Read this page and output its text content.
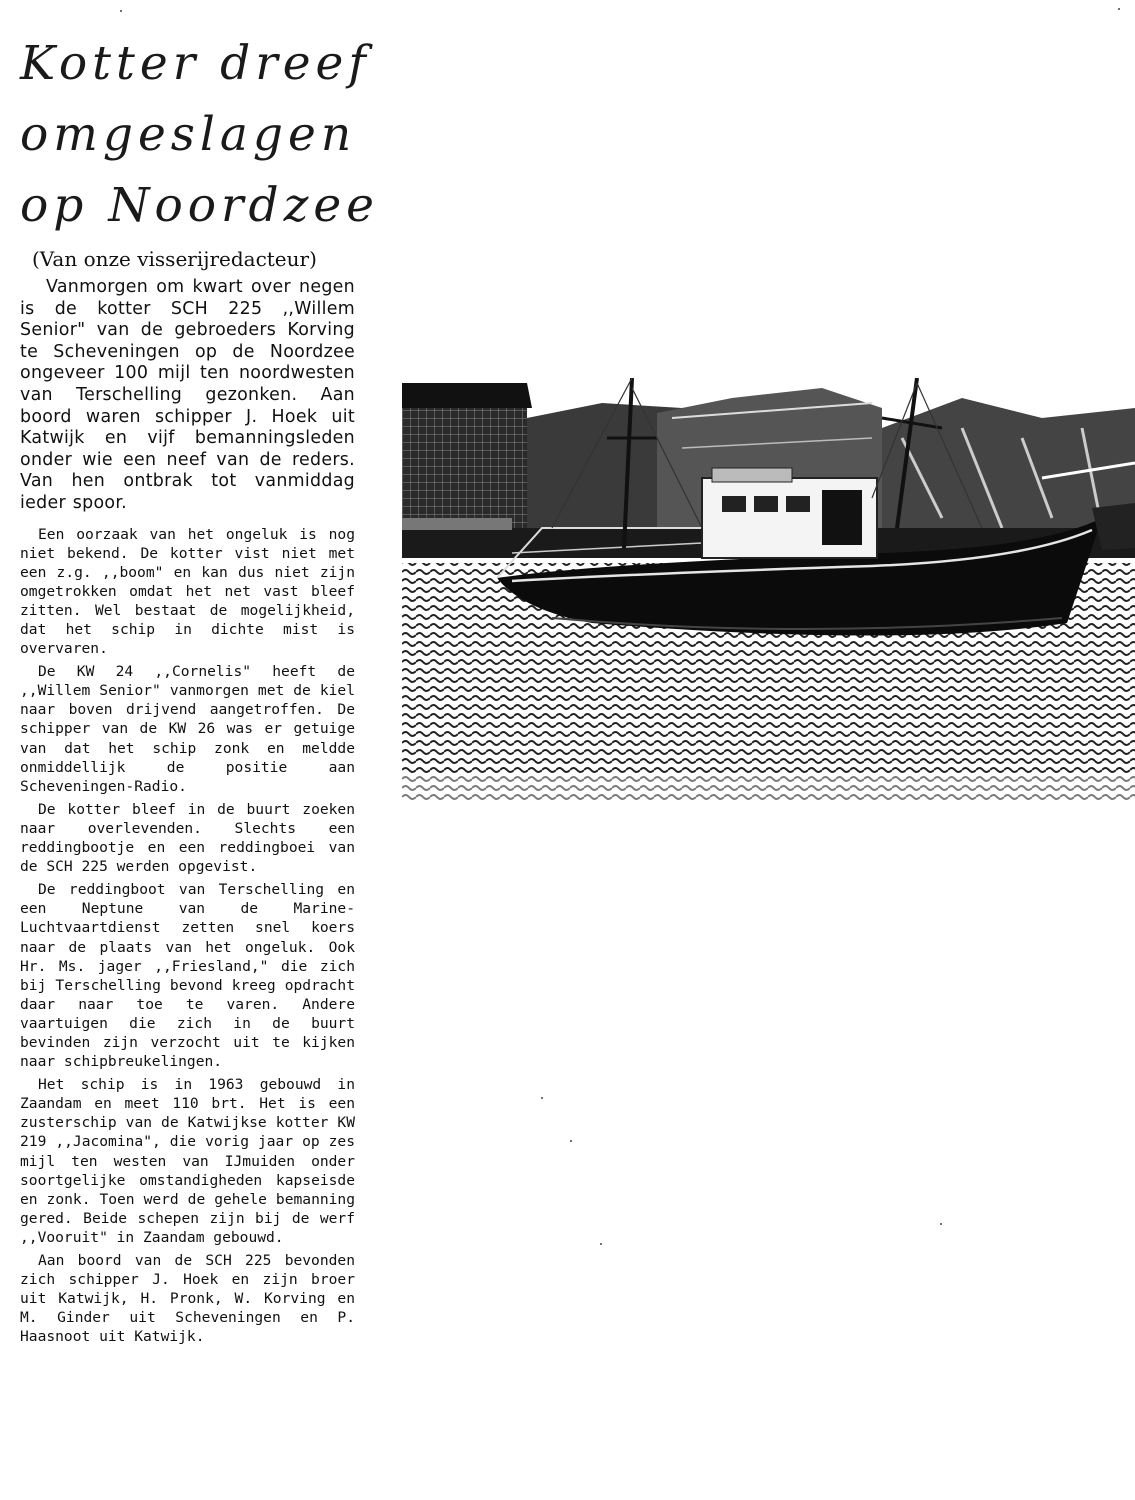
Kotter dreef
omgeslagen
op Noordzee
(Van onze visserijredacteur)

Vanmorgen om kwart over negen is de kotter SCH 225 ,,Willem Senior" van de gebroeders Korving te Scheveningen op de Noordzee ongeveer 100 mijl ten noordwesten van Terschelling gezonken. Aan boord waren schipper J. Hoek uit Katwijk en vijf bemanningsleden onder wie een neef van de reders. Van hen ontbrak tot vanmiddag ieder spoor.

Een oorzaak van het ongeluk is nog niet bekend. De kotter vist niet met een z.g. ,,boom" en kan dus niet zijn omgetrokken omdat het net vast bleef zitten. Wel bestaat de mogelijkheid, dat het schip in dichte mist is overvaren.

De KW 24 ,,Cornelis" heeft de ,,Willem Senior" vanmorgen met de kiel naar boven drijvend aangetroffen. De schipper van de KW 26 was er getuige van dat het schip zonk en meldde onmiddellijk de positie aan Scheveningen-Radio.

De kotter bleef in de buurt zoeken naar overlevenden. Slechts een reddingbootje en een reddingboei van de SCH 225 werden opgevist.

De reddingboot van Terschelling en een Neptune van de Marine-Luchtvaartdienst zetten snel koers naar de plaats van het ongeluk. Ook Hr. Ms. jager ,,Friesland," die zich bij Terschelling bevond kreeg opdracht daar naar toe te varen. Andere vaartuigen die zich in de buurt bevinden zijn verzocht uit te kijken naar schipbreukelingen.

Het schip is in 1963 gebouwd in Zaandam en meet 110 brt. Het is een zusterschip van de Katwijkse kotter KW 219 ,,Jacomina", die vorig jaar op zes mijl ten westen van IJmuiden onder soortgelijke omstandigheden kapseisde en zonk. Toen werd de gehele bemanning gered. Beide schepen zijn bij de werf ,,Vooruit" in Zaandam gebouwd.

Aan boord van de SCH 225 bevonden zich schipper J. Hoek en zijn broer uit Katwijk, H. Pronk, W. Korving en M. Ginder uit Scheveningen en P. Haasnoot uit Katwijk.
